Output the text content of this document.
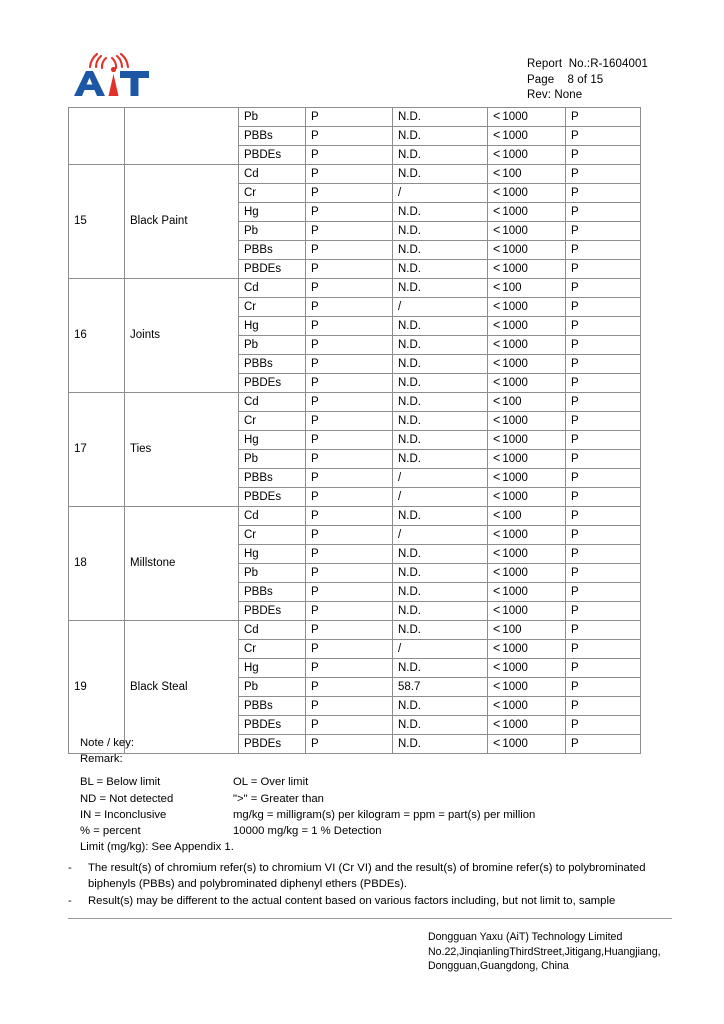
Report  No.:R-1604001
Page    8 of 15
Rev: None
		Pb	P	N.D.	< 1000	P
		PBBs	P	N.D.	< 1000	P
		PBDEs	P	N.D.	< 1000	P
15	Black Paint	Cd	P	N.D.	< 100	P
		Cr	P	/	< 1000	P
		Hg	P	N.D.	< 1000	P
		Pb	P	N.D.	< 1000	P
		PBBs	P	N.D.	< 1000	P
		PBDEs	P	N.D.	< 1000	P
16	Joints	Cd	P	N.D.	< 100	P
		Cr	P	/	< 1000	P
		Hg	P	N.D.	< 1000	P
		Pb	P	N.D.	< 1000	P
		PBBs	P	N.D.	< 1000	P
		PBDEs	P	N.D.	< 1000	P
17	Ties	Cd	P	N.D.	< 100	P
		Cr	P	N.D.	< 1000	P
		Hg	P	N.D.	< 1000	P
		Pb	P	N.D.	< 1000	P
		PBBs	P	/	< 1000	P
		PBDEs	P	/	< 1000	P
18	Millstone	Cd	P	N.D.	< 100	P
		Cr	P	/	< 1000	P
		Hg	P	N.D.	< 1000	P
		Pb	P	N.D.	< 1000	P
		PBBs	P	N.D.	< 1000	P
		PBDEs	P	N.D.	< 1000	P
19	Black Steal	Cd	P	N.D.	< 100	P
		Cr	P	/	< 1000	P
		Hg	P	N.D.	< 1000	P
		Pb	P	58.7	< 1000	P
		PBBs	P	N.D.	< 1000	P
		PBDEs	P	N.D.	< 1000	P
		PBDEs	P	N.D.	< 1000	P
Note / key:
Remark:
BL = Below limit	OL = Over limit
ND = Not detected	">" = Greater than
IN = Inconclusive	mg/kg = milligram(s) per kilogram = ppm = part(s) per million
% = percent	10000 mg/kg = 1 % Detection
Limit (mg/kg): See Appendix 1.
- The result(s) of chromium refer(s) to chromium VI (Cr VI) and the result(s) of bromine refer(s) to polybrominated biphenyls (PBBs) and polybrominated diphenyl ethers (PBDEs).
- Result(s) may be different to the actual content based on various factors including, but not limit to, sample
Dongguan Yaxu (AiT) Technology Limited
No.22,JinqianlingThirdStreet,Jitigang,Huangjiang,
Dongguan,Guangdong, China
